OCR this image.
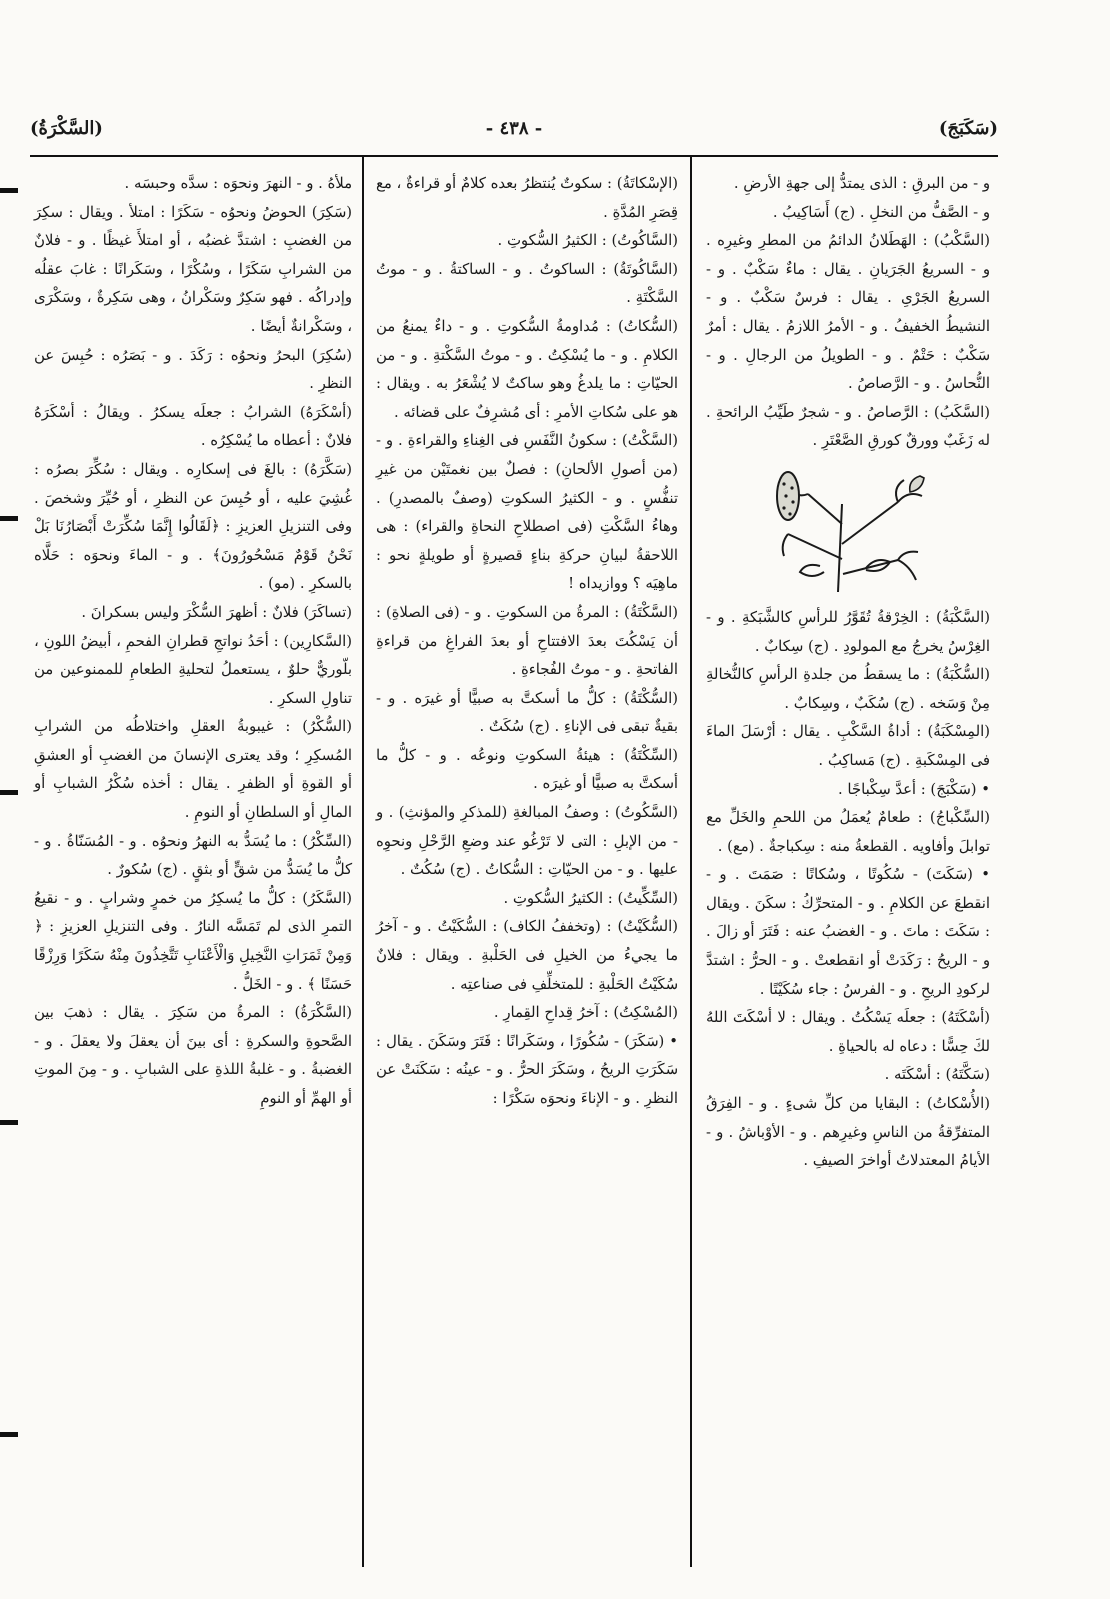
(سَكَبَجَ)
- ٤٣٨ -
(السَّكْرَةُ)

و - من البرقِ : الذى يمتدُّ إلى جهةِ الأرضِ .

و - الصَّفُّ من النخلِ . (ج) أَسَاكِيبُ .

(السَّكْبُ) : الهَطَلانُ الدائمُ من المطرِ وغيرِه . و - السريعُ الجَرَيانِ . يقال : ماءٌ سَكْبٌ . و - السريعُ الجَرْىِ . يقال : فرسٌ سَكْبٌ . و - النشيطُ الخفيفُ . و - الأمرُ اللازمُ . يقال : أمرٌ سَكْبٌ : حَتْمٌ . و - الطويلُ من الرجالِ . و - النُّحاسُ . و - الرَّصاصُ .

(السَّكَبُ) : الرَّصاصُ . و - شجرٌ طَيِّبُ الرائحةِ . له زَغَبٌ وورقٌ كورقِ الصَّعْتَرِ .

(السَّكْبَةُ) : الخِرْقةُ تُقَوَّرُ للرأسِ كالشَّبَكةِ . و - الغِرْسُ يخرجُ مع المولودِ . (ج) سِكابٌ .

(السُّكْبَةُ) : ما يسقطُ من جلدةِ الرأسِ كالنُّخالةِ مِنْ وَسَخه . (ج) سُكَبٌ ، وسِكابٌ .

(المِسْكَبَةُ) : أداةُ السَّكْبِ . يقال : أرْسَلَ الماءَ فى المِسْكَبةِ . (ج) مَساكِبُ .

• (سَكْبَجَ) : أعدَّ سِكْباجًا .

(السِّكْباجُ) : طعامٌ يُعمَلُ من اللحمِ والخَلِّ مع توابلَ وأفاويه . القطعةُ منه : سِكباجةٌ . (مع) .

• (سَكَتَ) - سُكُوتًا ، وسُكاتًا : صَمَتَ . و - انقطعَ عن الكلامِ . و - المتحرِّكُ : سكَنَ . ويقال : سَكَتَ : ماتَ . و - الغضبُ عنه : فَتَرَ أو زالَ . و - الريحُ : رَكَدَتْ أو انقطعتْ . و - الحرُّ : اشتدَّ لركودِ الريحِ . و - الفرسُ : جاء سُكَيْتًا .

(أسْكَتَهُ) : جعلَه يَسْكُتُ . ويقال : لا أسْكَتَ اللهُ لكَ حِسًّا : دعاه له بالحياةِ .

(سَكَّتَهُ) : أسْكَتَه .

(الأُسْكاتُ) : البقايا من كلِّ شىءٍ . و - الفِرَقُ المتفرِّقةُ من الناسِ وغيرِهم . و - الأوْباشُ . و - الأيامُ المعتدلاتُ أواخرَ الصيفِ .

(الإسْكاتَةُ) : سكوتٌ يُنتظرُ بعده كلامٌ أو قراءةٌ ، مع قِصَرِ المُدَّةِ .

(السَّاكُوتُ) : الكثيرُ السُّكوتِ .

(السَّاكُوتَةُ) : الساكوتُ . و - الساكتةُ . و - موتُ السَّكْتَةِ .

(السُّكاتُ) : مُداومةُ السُّكوتِ . و - داءٌ يمنعُ من الكلامِ . و - ما يُسْكِتُ . و - موتُ السَّكْتةِ . و - من الحيّاتِ : ما يلدغُ وهو ساكتٌ لا يُشْعَرُ به . ويقال : هو على سُكاتِ الأمرِ : أى مُشرِفٌ على قضائه .

(السَّكْتُ) : سكونُ النَّفَسِ فى الغِناءِ والقراءةِ . و - (من أصولِ الألحانِ) : فصلٌ بين نغمتَيْن من غيرِ تنفُّسٍ . و - الكثيرُ السكوتِ (وصفٌ بالمصدرِ) . وهاءُ السَّكْتِ (فى اصطلاحِ النحاةِ والقراء) : هى اللاحقةُ لبيانِ حركةِ بناءٍ قصيرةٍ أو طويلةٍ نحو : ماهِيَه ؟ ووازيداه !

(السَّكْتَةُ) : المرةُ من السكوتِ . و - (فى الصلاةِ) : أن يَسْكُتَ بعدَ الافتتاحِ أو بعدَ الفراغِ من قراءةِ الفاتحةِ . و - موتُ الفُجاءةِ .

(السُّكْتَةُ) : كلُّ ما أسكتَّ به صبيًّا أو غيرَه . و - بقيةٌ تبقى فى الإناءِ . (ج) سُكَتٌ .

(السِّكْتَةُ) : هيئةُ السكوتِ ونوعُه . و - كلُّ ما أسكتَّ به صبيًّا أو غيرَه .

(السَّكُوتُ) : وصفُ المبالغةِ (للمذكرِ والمؤنثِ) . و - من الإبلِ : التى لا تَرْغُو عند وضعِ الرَّحْلِ ونحوِه عليها . و - من الحيّاتِ : السُّكاتُ . (ج) سُكُتٌ .

(السِّكِّيتُ) : الكثيرُ السُّكوتِ .

(السُّكَيْتُ) : (وتخففُ الكاف) : السُّكَيْتُ . و - آخرُ ما يجيءُ من الخيلِ فى الحَلْبةِ . ويقال : فلانٌ سُكَيْتُ الحَلْبةِ : للمتخلِّفِ فى صناعتِه .

(المُسْكِتُ) : آخرُ قِداحِ القِمارِ .

• (سَكَرَ) - سُكُورًا ، وسَكَرانًا : فَتَرَ وسَكَنَ . يقال : سَكَرَتِ الريحُ ، وسَكَرَ الحرُّ . و - عينُه : سَكَنَتْ عن النظرِ . و - الإناءَ ونحوَه سَكْرًا :

ملأهُ . و - النهرَ ونحوَه : سدَّه وحبسَه .

(سَكِرَ) الحوضُ ونحوُه - سَكَرًا : امتلأ . ويقال : سكِرَ من الغضبِ : اشتدَّ غضبُه ، أو امتلأَ غيظًا . و - فلانٌ من الشرابِ سَكَرًا ، وسُكْرًا ، وسَكَرانًا : غابَ عقلُه وإدراكُه . فهو سَكِرٌ وسَكْرانُ ، وهى سَكِرةٌ ، وسَكْرَى ، وسَكْرانةٌ أيضًا .

(سُكِرَ) البحرُ ونحوُه : رَكَدَ . و - بَصَرُه : حُبِسَ عن النظرِ .

(أسْكَرَهُ) الشرابُ : جعلَه يسكرُ . ويقالُ : أسْكَرَهُ فلانٌ : أعطاه ما يُسْكِرُه .

(سَكَّرَهُ) : بالغَ فى إسكارِه . ويقال : سُكِّرَ بصرُه : غُشِيَ عليه ، أو حُبِسَ عن النظرِ ، أو حُيِّرَ وشخصَ . وفى التنزيلِ العزيزِ : ﴿لَقَالُوا إِنَّمَا سُكِّرَتْ أَبْصَارُنَا بَلْ نَحْنُ قَوْمٌ مَسْحُورُونَ﴾ . و - الماءَ ونحوَه : حَلَّاه بالسكرِ . (مو) .

(تساكَرَ) فلانٌ : أظهرَ السُّكْرَ وليس بسكرانَ .

(السَّكارِين) : أحَدُ نواتجِ قطرانِ الفحمِ ، أبيضُ اللونِ ، بلّوريٌّ حلوٌ ، يستعملُ لتحليةِ الطعامِ للممنوعين من تناولِ السكرِ .

(السُّكْرُ) : غيبوبةُ العقلِ واختلاطُه من الشرابِ المُسكِرِ ؛ وقد يعترى الإنسانَ من الغضبِ أو العشقِ أو القوةِ أو الظفرِ . يقال : أخذه سُكْرُ الشبابِ أو المالِ أو السلطانِ أو النومِ .

(السِّكْرُ) : ما يُسَدُّ به النهرُ ونحوُه . و - المُسَنّاةُ . و - كلُّ ما يُسَدُّ من شقٍّ أو بثقٍ . (ج) سُكورٌ .

(السَّكَرُ) : كلُّ ما يُسكِرُ من خمرٍ وشرابٍ . و - نقيعُ التمرِ الذى لم تَمَسَّه النارُ . وفى التنزيلِ العزيزِ : ﴿ وَمِنْ ثَمَرَاتِ النَّخِيلِ وَالْأَعْنَابِ تَتَّخِذُونَ مِنْهُ سَكَرًا وَرِزْقًا حَسَنًا ﴾ . و - الخَلُّ .

(السَّكْرَةُ) : المرةُ من سَكِرَ . يقال : ذهبَ بين الصَّحوةِ والسكرةِ : أى بينَ أن يعقلَ ولا يعقلَ . و - الغضبةُ . و - غلبةُ اللذةِ على الشبابِ . و - مِنَ الموتِ أو الهمِّ أو النومِ
